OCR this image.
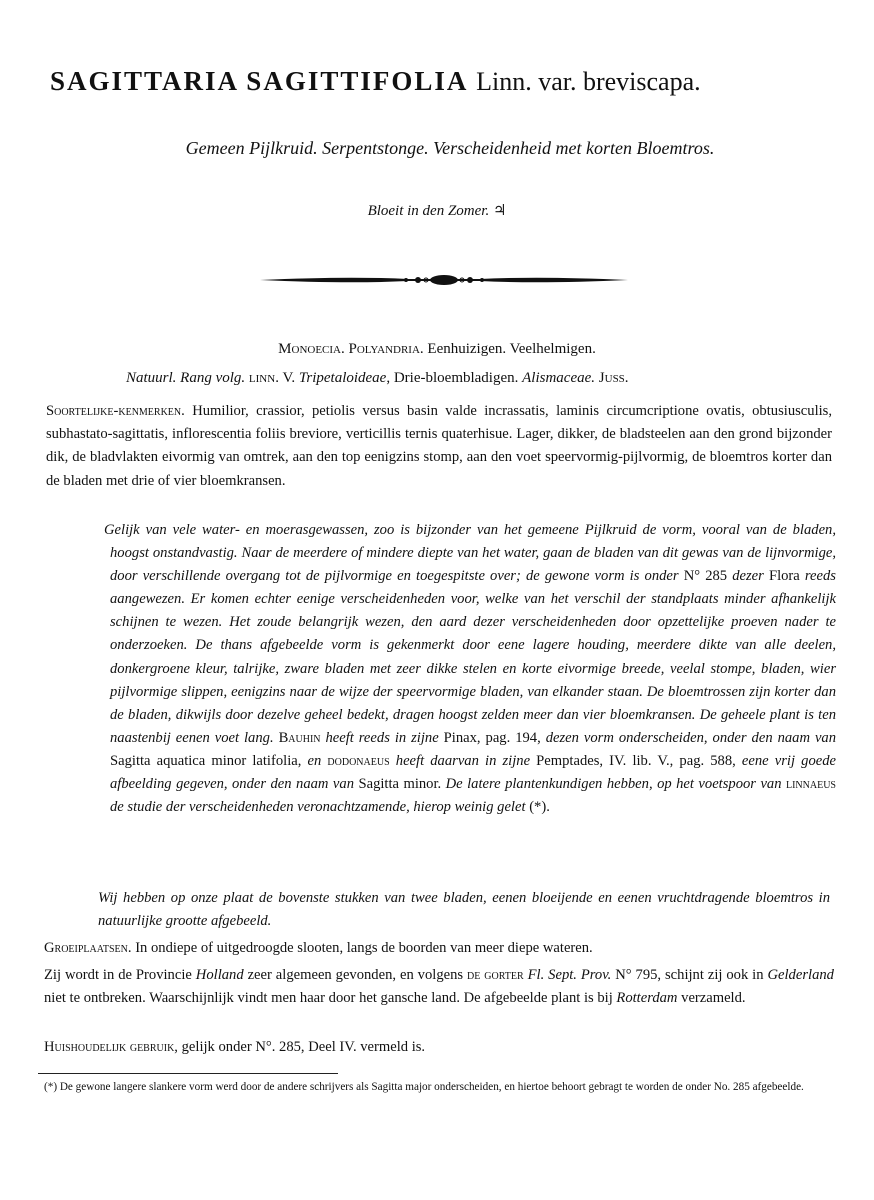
SAGITTARIA SAGITTIFOLIA Linn. var. breviscapa.
Gemeen Pijlkruid. Serpentstonge. Verscheidenheid met korten Bloemtros.
Bloeit in den Zomer. ♃
Monoecia. Polyandria. Eenhuizigen. Veelhelmigen.
Natuurl. Rang volg. linn. V. Tripetaloideae, Drie-bloembladigen. Alismaceae. Juss.
Soortelijke-kenmerken. Humilior, crassior, petiolis versus basin valde incrassatis, laminis circumcriptione ovatis, obtusiusculis, subhastato-sagittatis, inflorescentia foliis breviore, verticillis ternis quaterhisue. Lager, dikker, de bladsteelen aan den grond bijzonder dik, de bladvlakten eivormig van omtrek, aan den top eenigzins stomp, aan den voet speervormig-pijlvormig, de bloemtros korter dan de bladen met drie of vier bloemkransen.
Gelijk van vele water- en moerasgewassen, zoo is bijzonder van het gemeene Pijlkruid de vorm, vooral van de bladen, hoogst onstandvastig. Naar de meerdere of mindere diepte van het water, gaan de bladen van dit gewas van de lijnvormige, door verschillende overgang tot de pijlvormige en toegespitste over; de gewone vorm is onder N° 285 dezer Flora reeds aangewezen. Er komen echter eenige verscheidenheden voor, welke van het verschil der standplaats minder afhankelijk schijnen te wezen. Het zoude belangrijk wezen, den aard dezer verscheidenheden door opzettelijke proeven nader te onderzoeken. De thans afgebeelde vorm is gekenmerkt door eene lagere houding, meerdere dikte van alle deelen, donkergroene kleur, talrijke, zware bladen met zeer dikke stelen en korte eivormige breede, veelal stompe, bladen, wier pijlvormige slippen, eenigzins naar de wijze der speervormige bladen, van elkander staan. De bloemtrossen zijn korter dan de bladen, dikwijls door dezelve geheel bedekt, dragen hoogst zelden meer dan vier bloemkransen. De geheele plant is ten naastenbij eenen voet lang. Bauhin heeft reeds in zijne Pinax, pag. 194, dezen vorm onderscheiden, onder den naam van Sagitta aquatica minor latifolia, en dodonaeus heeft daarvan in zijne Pemptades, IV. lib. V., pag. 588, eene vrij goede afbeelding gegeven, onder den naam van Sagitta minor. De latere plantenkundigen hebben, op het voetspoor van linnaeus de studie der verscheidenheden veronachtzamende, hierop weinig gelet (*).
Wij hebben op onze plaat de bovenste stukken van twee bladen, eenen bloeijende en eenen vruchtdragende bloemtros in natuurlijke grootte afgebeeld.
Groeiplaatsen. In ondiepe of uitgedroogde slooten, langs de boorden van meer diepe wateren.
Zij wordt in de Provincie Holland zeer algemeen gevonden, en volgens de gorter Fl. Sept. Prov. N° 795, schijnt zij ook in Gelderland niet te ontbreken. Waarschijnlijk vindt men haar door het gansche land. De afgebeelde plant is bij Rotterdam verzameld.
Huishoudelijk gebruik, gelijk onder N°. 285, Deel IV. vermeld is.
(*) De gewone langere slankere vorm werd door de andere schrijvers als Sagitta major onderscheiden, en hiertoe behoort gebragt te worden de onder No. 285 afgebeelde.
